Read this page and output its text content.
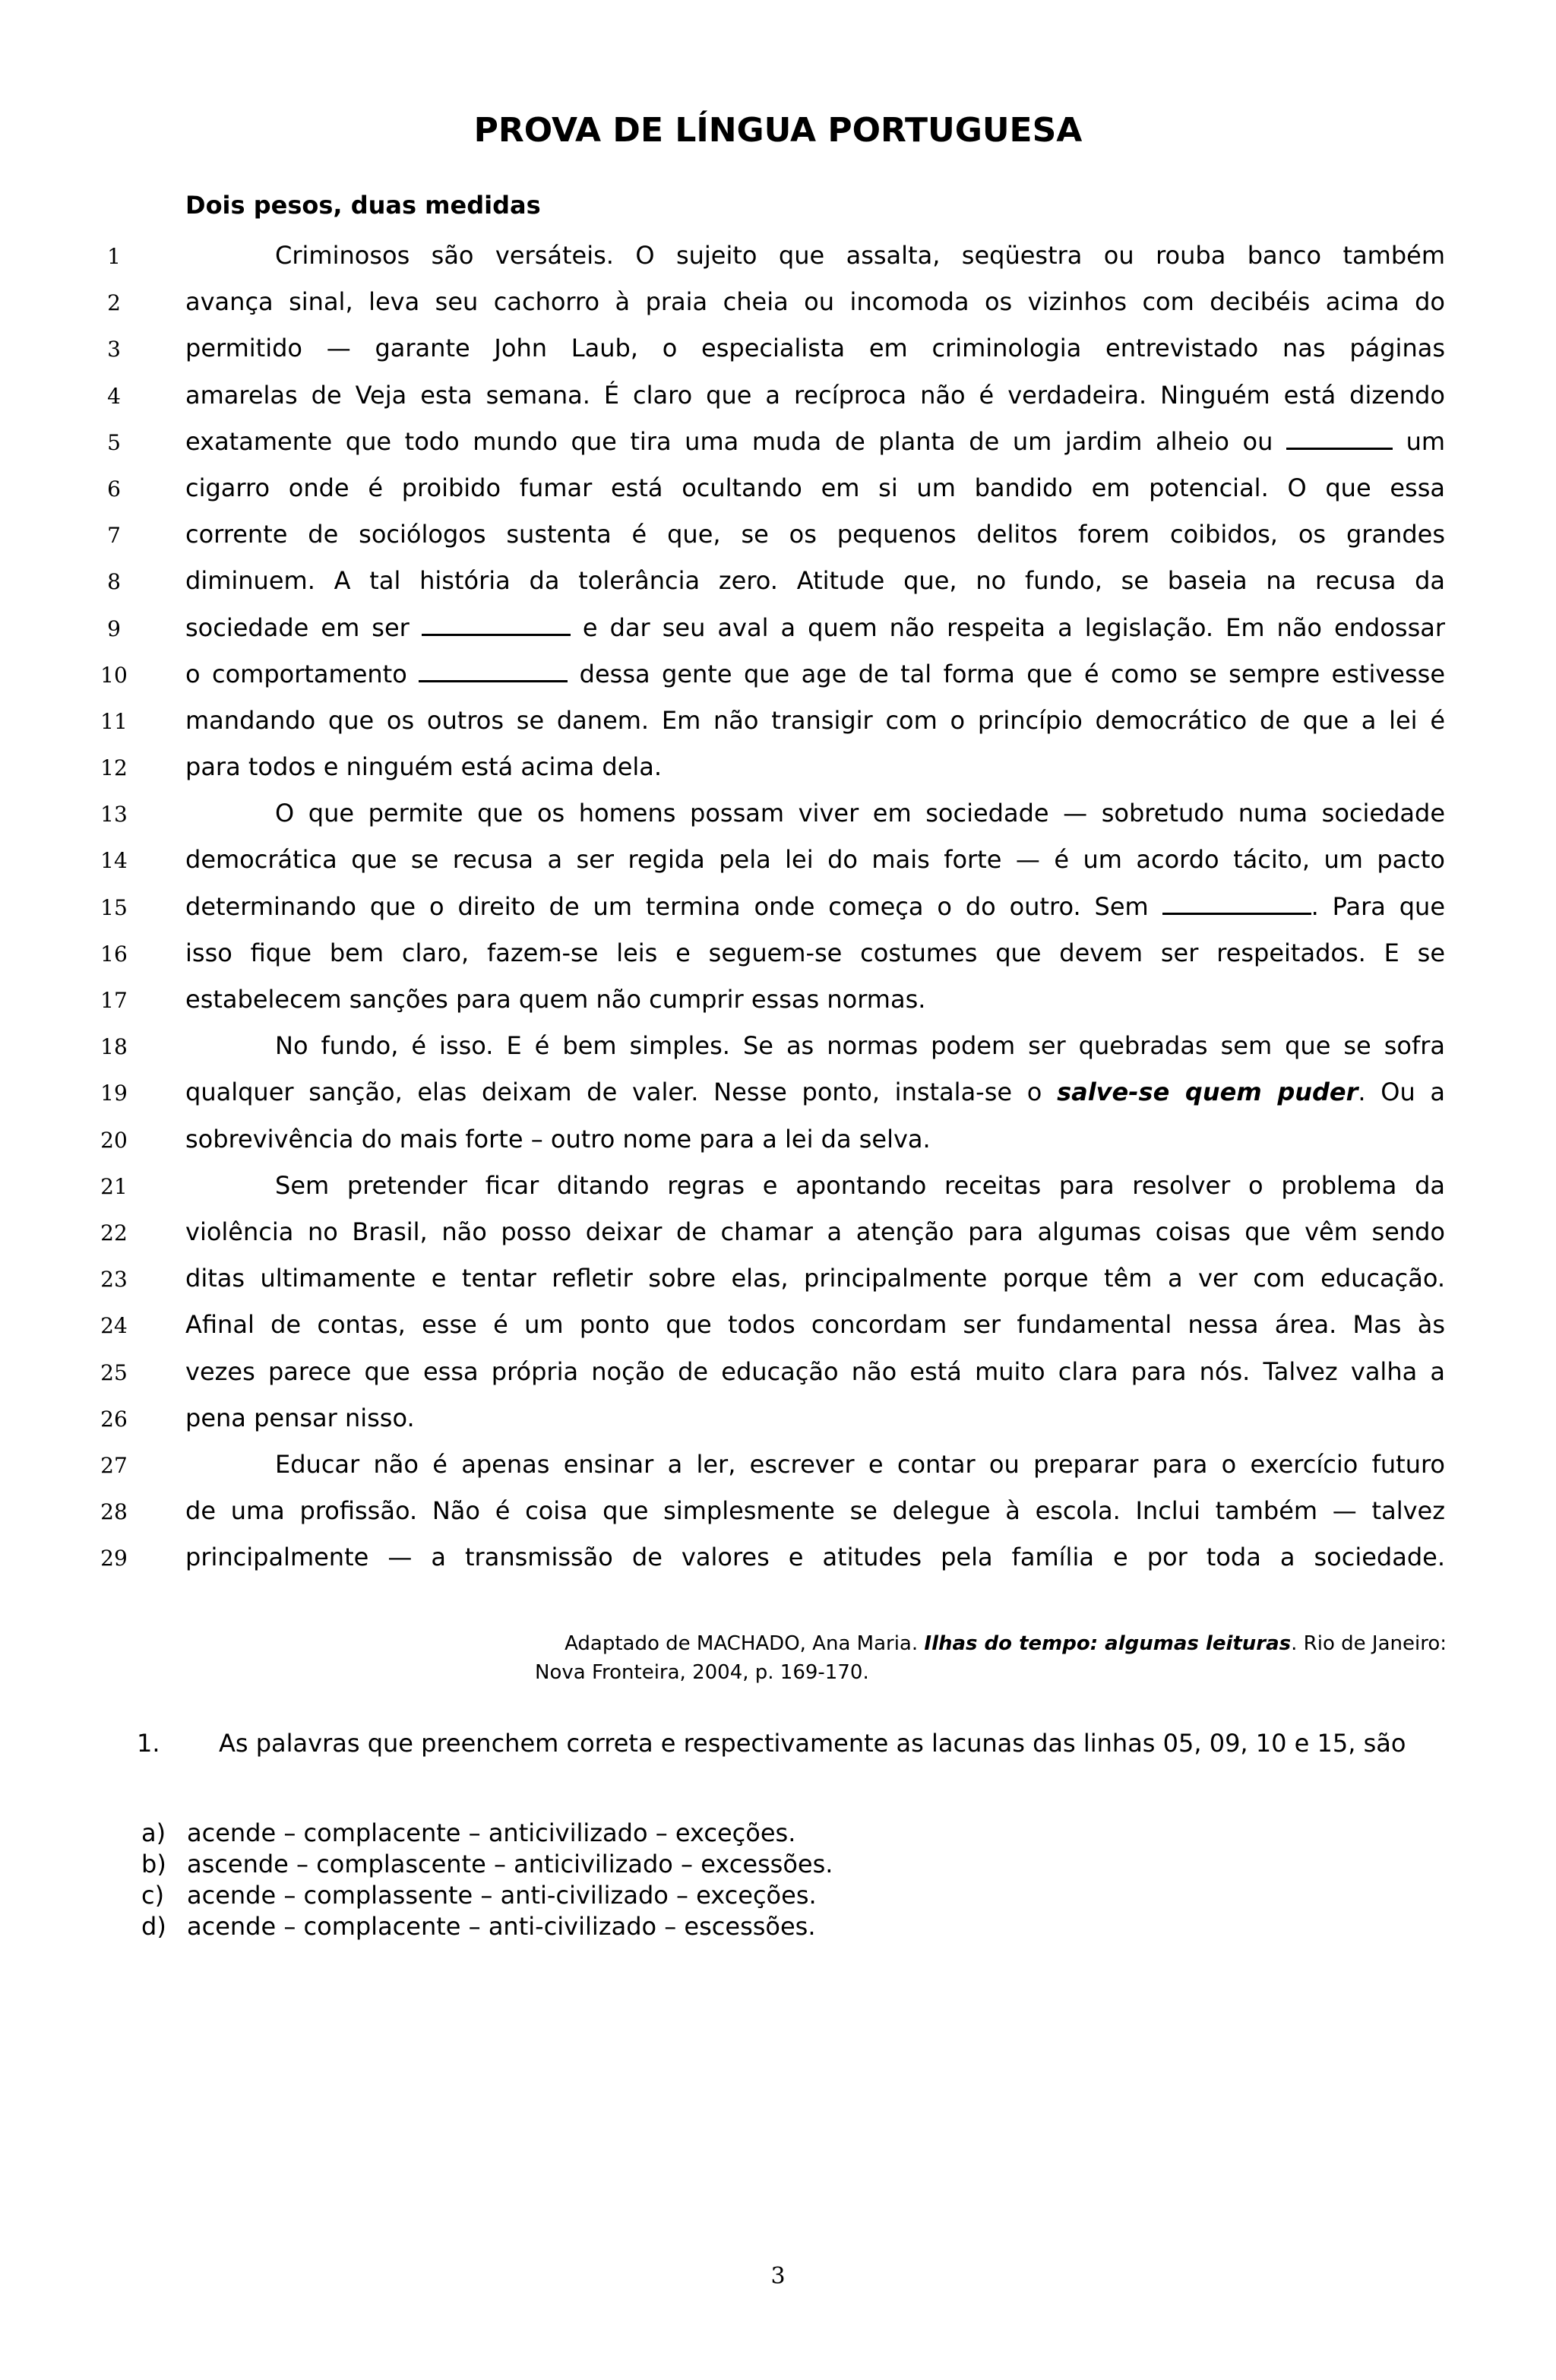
PROVA DE LÍNGUA PORTUGUESA
Dois pesos, duas medidas
1	Criminosos são versáteis. O sujeito que assalta, seqüestra ou rouba banco também
2	avança sinal, leva seu cachorro à praia cheia ou incomoda os vizinhos com decibéis acima do
3	permitido — garante John Laub, o especialista em criminologia entrevistado nas páginas
4	amarelas de Veja esta semana. É claro que a recíproca não é verdadeira. Ninguém está dizendo
5	exatamente que todo mundo que tira uma muda de planta de um jardim alheio ou	um
6	cigarro onde é proibido fumar está ocultando em si um bandido em potencial. O que essa
7	corrente de sociólogos sustenta é que, se os pequenos delitos forem coibidos, os grandes
8	diminuem. A tal história da tolerância zero. Atitude que, no fundo, se baseia na recusa da
9	sociedade em ser	e dar seu aval a quem não respeita a legislação. Em não endossar
10	o comportamento	dessa gente que age de tal forma que é como se sempre estivesse
11	mandando que os outros se danem. Em não transigir com o princípio democrático de que a lei é
12	para todos e ninguém está acima dela.
13	O que permite que os homens possam viver em sociedade — sobretudo numa sociedade
14	democrática que se recusa a ser regida pela lei do mais forte — é um acordo tácito, um pacto
15	determinando que o direito de um termina onde começa o do outro. Sem	. Para que
16	isso fique bem claro, fazem-se leis e seguem-se costumes que devem ser respeitados. E se
17	estabelecem sanções para quem não cumprir essas normas.
18	No fundo, é isso. E é bem simples. Se as normas podem ser quebradas sem que se sofra
19	qualquer sanção, elas deixam de valer. Nesse ponto, instala-se o salve-se quem puder. Ou a
20	sobrevivência do mais forte – outro nome para a lei da selva.
21	Sem pretender ficar ditando regras e apontando receitas para resolver o problema da
22	violência no Brasil, não posso deixar de chamar a atenção para algumas coisas que vêm sendo
23	ditas ultimamente e tentar refletir sobre elas, principalmente porque têm a ver com educação.
24	Afinal de contas, esse é um ponto que todos concordam ser fundamental nessa área. Mas às
25	vezes parece que essa própria noção de educação não está muito clara para nós. Talvez valha a
26	pena pensar nisso.
27	Educar não é apenas ensinar a ler, escrever e contar ou preparar para o exercício futuro
28	de uma profissão. Não é coisa que simplesmente se delegue à escola. Inclui também — talvez
29	principalmente — a transmissão de valores e atitudes pela família e por toda a sociedade.
Adaptado de MACHADO, Ana Maria. Ilhas do tempo: algumas leituras. Rio de Janeiro:
Nova Fronteira, 2004, p. 169-170.
1. As palavras que preenchem correta e respectivamente as lacunas das linhas 05, 09, 10 e 15, são
a) acende – complacente – anticivilizado – exceções.
b) ascende – complascente – anticivilizado – excessões.
c) acende – complassente – anti-civilizado – exceções.
d) acende – complacente – anti-civilizado – escessões.
3
